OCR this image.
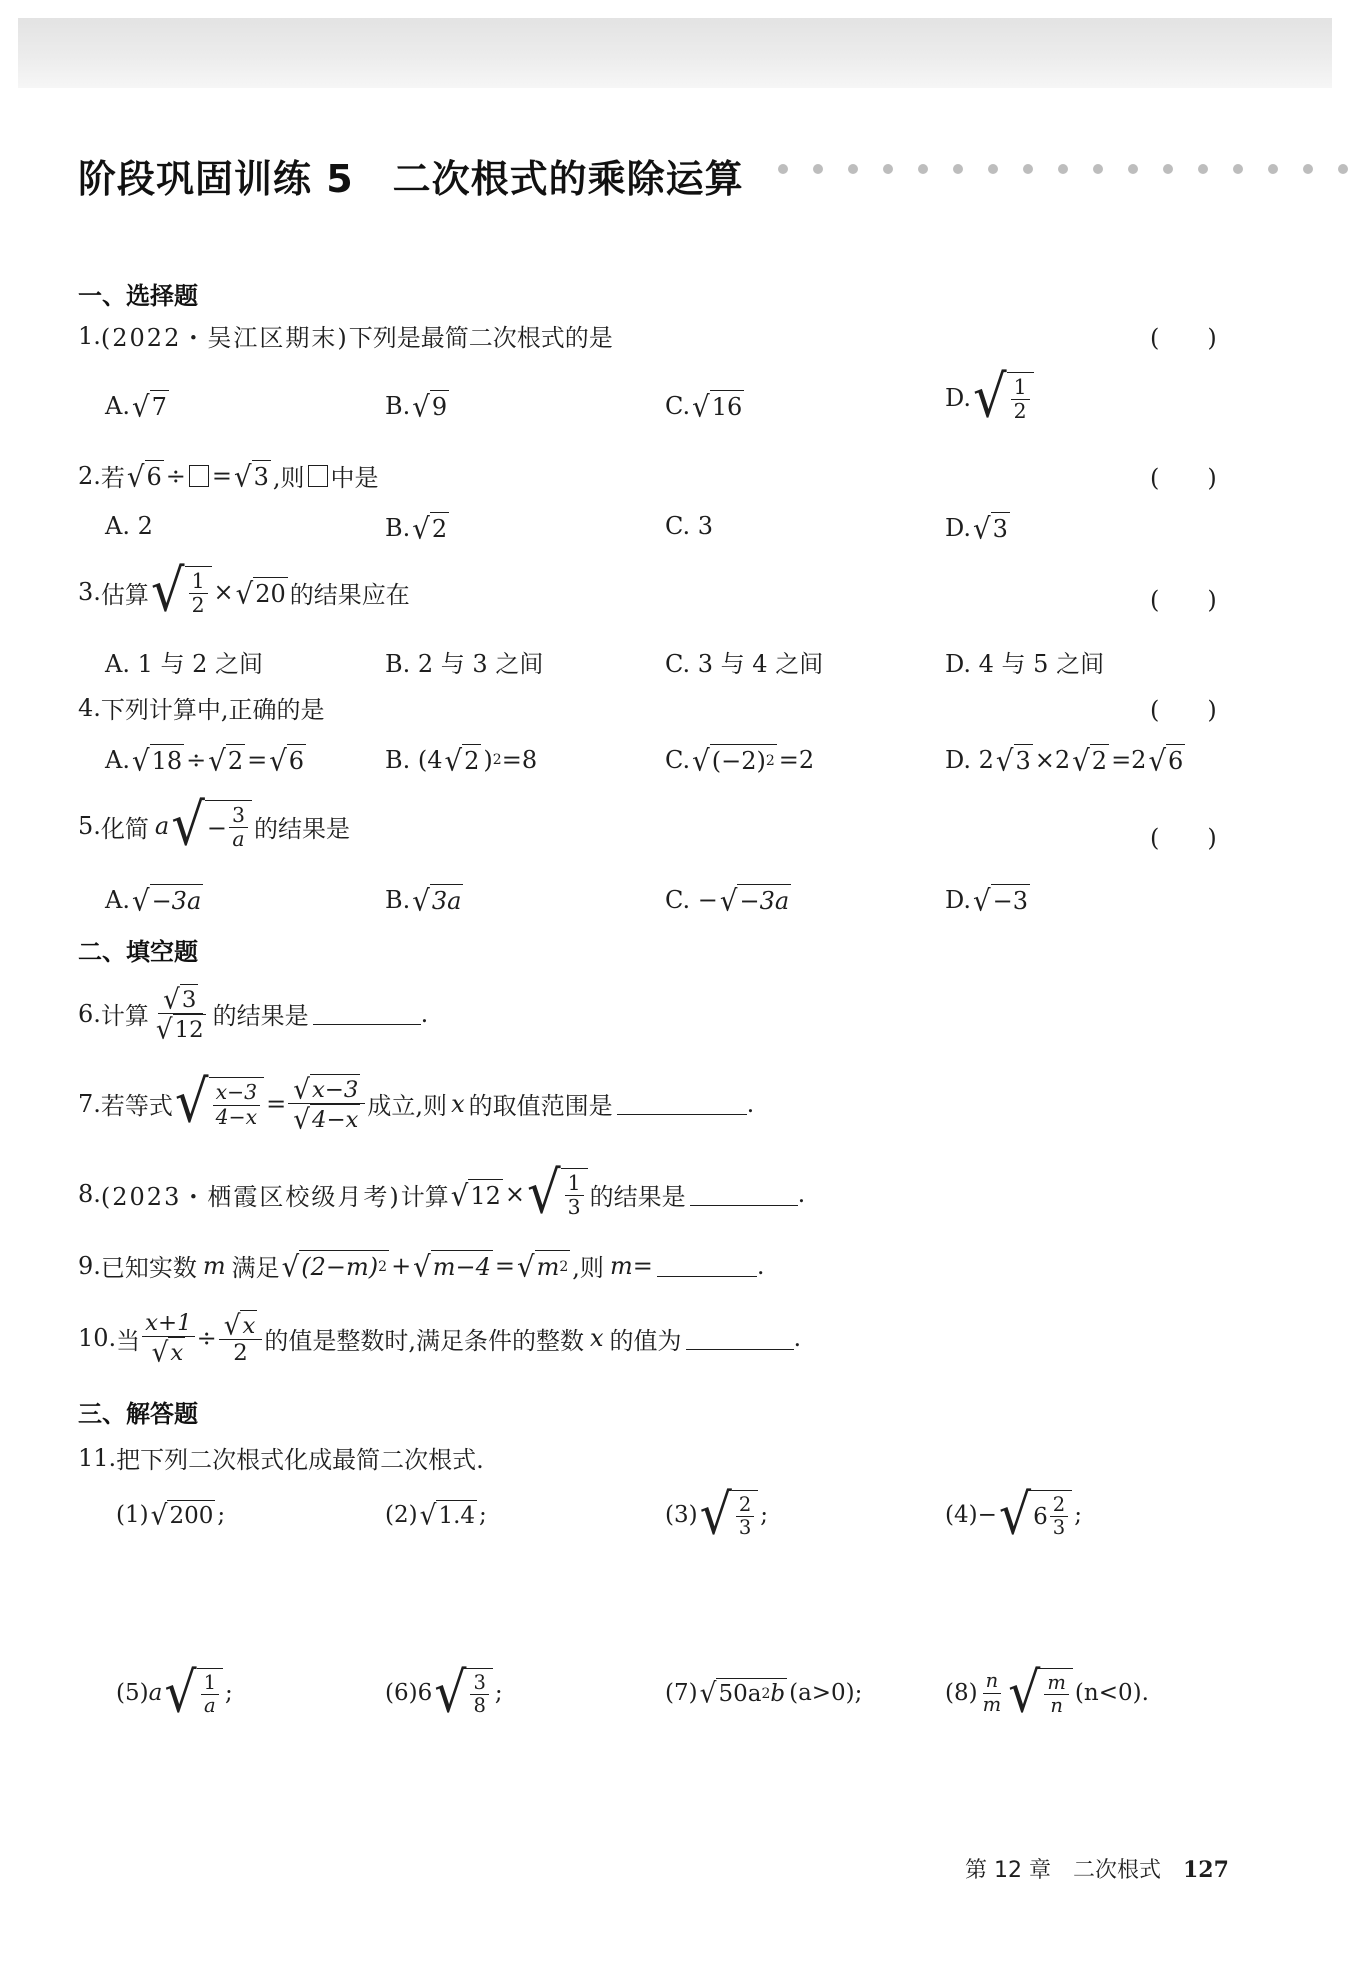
阶段巩固训练 5　二次根式的乘除运算
一、选择题
1. (2022・吴江区期末) 下列是最简二次根式的是	(　　)
A. √ 7	B. √ 9	C. √ 16	D. √ 1
2
2. 若 √ 6 ÷ = √ 3 ,则 中是	(　　)
A. 2	B. √ 2	C. 3	D. √ 3
3. 估算 √ 1
2 × √ 20 的结果应在	(　　)
A. 1 与 2 之间	B. 2 与 3 之间	C. 3 与 4 之间	D. 4 与 5 之间
4. 下列计算中,正确的是	(　　)
A. √ 18 ÷ √ 2 = √ 6	B. (4 √ 2 ) 2 =8	C. √ (−2) 2 =2	D. 2 √ 3 ×2 √ 2 =2 √ 6
5. 化简 a √ − $\frac{3}{a}$ 的结果是	(　　)
A. √ −3a	B. √ 3a	C. − √ −3a	D. √ −3
二、填空题
6. 计算
√ 3
√ 12 的结果是	.
7. 若等式 √ x−3
$4-x = \frac{√ x-3}{√ 4-x}$ 成立,则 x 的取值范围是	.
8. (2023・栖霞区校级月考) 计算 √ 12 × √ 1
3 的结果是	.
9. 已知实数 m 满足 √ (2−m) 2 + √ m−4 = √ m 2 ,则 m =	.
10. 当 $\frac{x+1}{√ x} \div \frac{√ x}{2}$ 的值是整数时,满足条件的整数 x 的值为	.
三、解答题
11. 把下列二次根式化成最简二次根式.
(1) √ 200 ;	(2) √ 1.4 ;	(3) √ 2
3 ;	(4)− √ 6 2
3 ;
(5) a √ 1
a ;	(6)6 √ 3
8 ;	(7) √ 50a 2 b (a>0);	(8) n
m √ m
n (n<0).
第 12 章　二次根式 127
